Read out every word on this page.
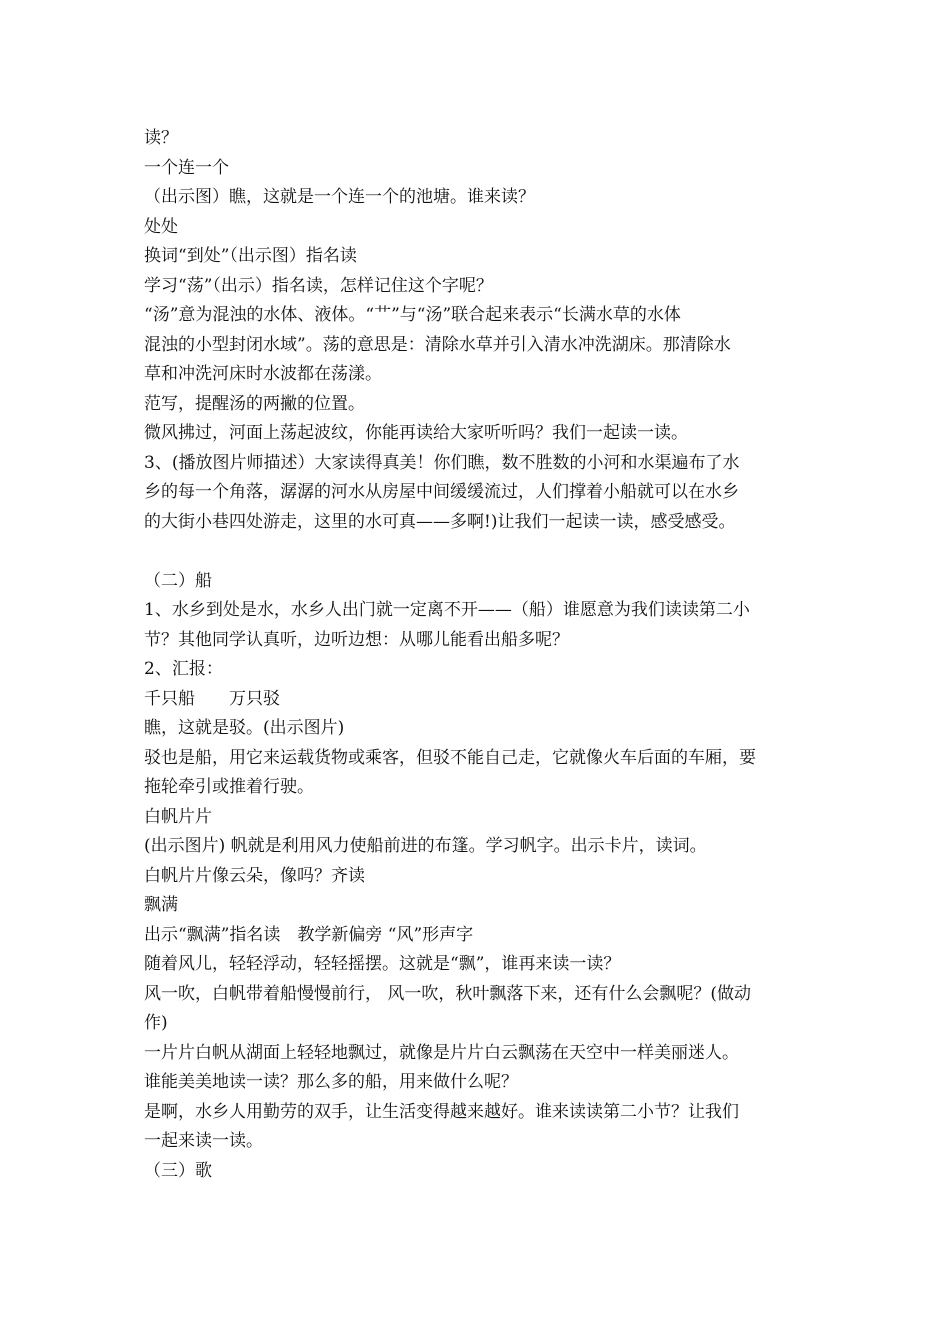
读？

一个连一个

（出示图）瞧，这就是一个连一个的池塘。谁来读？

处处

换词“到处”（出示图）指名读

学习“荡”（出示）指名读，怎样记住这个字呢？

“汤”意为混浊的水体、液体。“艹”与“汤”联合起来表示“长满水草的水体

混浊的小型封闭水域”。荡的意思是：清除水草并引入清水冲洗湖床。那清除水

草和冲洗河床时水波都在荡漾。

范写，提醒汤的两撇的位置。

微风拂过，河面上荡起波纹，你能再读给大家听听吗？我们一起读一读。

3、(播放图片师描述）大家读得真美！你们瞧，数不胜数的小河和水渠遍布了水

乡的每一个角落，潺潺的河水从房屋中间缓缓流过，人们撑着小船就可以在水乡

的大街小巷四处游走，这里的水可真——多啊!)让我们一起读一读，感受感受。

（二）船

1、水乡到处是水，水乡人出门就一定离不开——（船）谁愿意为我们读读第二小

节？其他同学认真听，边听边想：从哪儿能看出船多呢？

2、汇报：

千只船　　万只驳

瞧，这就是驳。(出示图片)

驳也是船，用它来运载货物或乘客，但驳不能自己走，它就像火车后面的车厢，要

拖轮牵引或推着行驶。

白帆片片

(出示图片) 帆就是利用风力使船前进的布篷。学习帆字。出示卡片，读词。

白帆片片像云朵，像吗？齐读

飘满

出示“飘满”指名读　教学新偏旁 “风”形声字

随着风儿，轻轻浮动，轻轻摇摆。这就是“飘”，谁再来读一读？

风一吹，白帆带着船慢慢前行， 风一吹，秋叶飘落下来，还有什么会飘呢？(做动

作)

一片片白帆从湖面上轻轻地飘过，就像是片片白云飘荡在天空中一样美丽迷人。

谁能美美地读一读？那么多的船，用来做什么呢？

是啊，水乡人用勤劳的双手，让生活变得越来越好。谁来读读第二小节？让我们

一起来读一读。

（三）歌
